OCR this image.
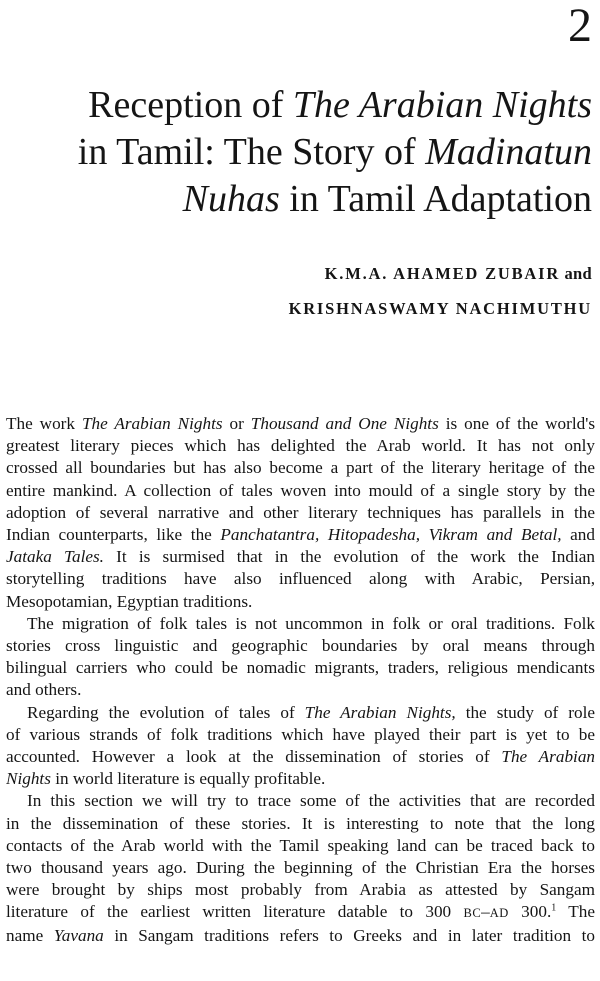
2
Reception of The Arabian Nights
in Tamil: The Story of Madinatun
Nuhas in Tamil Adaptation
K.M.A. AHAMED ZUBAIR and
KRISHNASWAMY NACHIMUTHU
The work The Arabian Nights or Thousand and One Nights is one of the world's
greatest literary pieces which has delighted the Arab world. It has not only
crossed all boundaries but has also become a part of the literary heritage of the
entire mankind. A collection of tales woven into mould of a single story by the
adoption of several narrative and other literary techniques has parallels in the
Indian counterparts, like the Panchatantra, Hitopadesha, Vikram and Betal, and
Jataka Tales. It is surmised that in the evolution of the work the Indian
storytelling traditions have also influenced along with Arabic, Persian,
Mesopotamian, Egyptian traditions.
The migration of folk tales is not uncommon in folk or oral traditions. Folk
stories cross linguistic and geographic boundaries by oral means through
bilingual carriers who could be nomadic migrants, traders, religious mendicants
and others.
Regarding the evolution of tales of The Arabian Nights, the study of role
of various strands of folk traditions which have played their part is yet to be
accounted. However a look at the dissemination of stories of The Arabian
Nights in world literature is equally profitable.
In this section we will try to trace some of the activities that are recorded
in the dissemination of these stories. It is interesting to note that the long
contacts of the Arab world with the Tamil speaking land can be traced back to
two thousand years ago. During the beginning of the Christian Era the horses
were brought by ships most probably from Arabia as attested by Sangam
literature of the earliest written literature datable to 300 BC–AD 300.$^1$ The
name Yavana in Sangam traditions refers to Greeks and in later tradition to
